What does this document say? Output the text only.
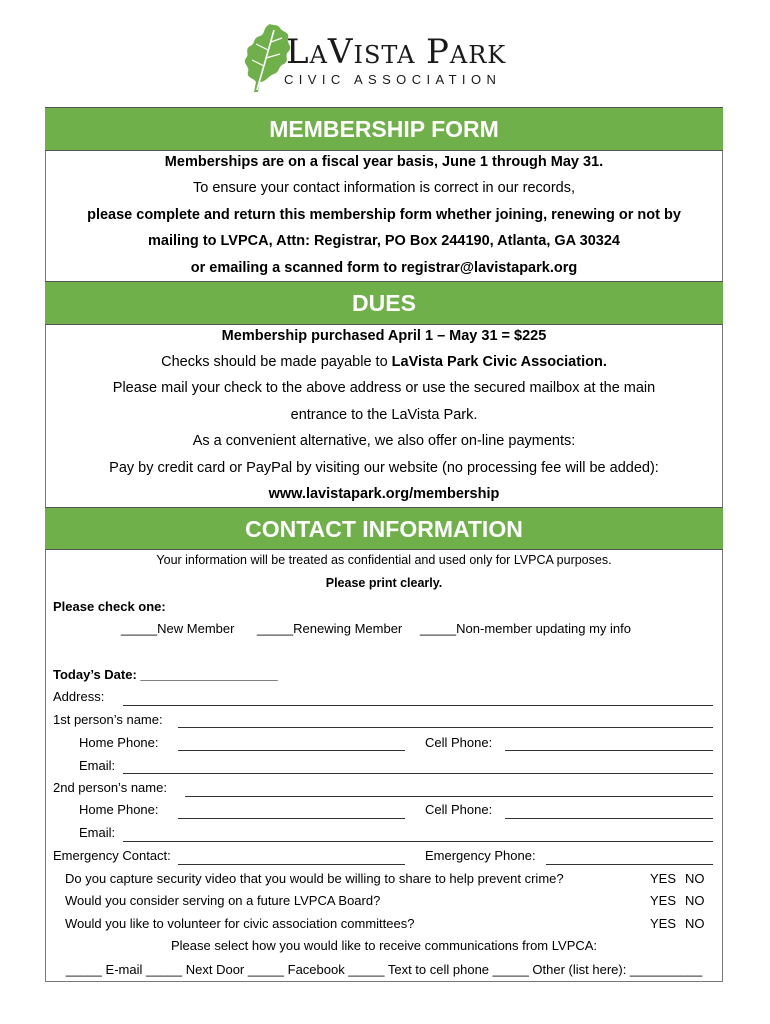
LAVISTA PARK
CIVIC ASSOCIATION
MEMBERSHIP FORM
Memberships are on a fiscal year basis, June 1 through May 31.
To ensure your contact information is correct in our records,
please complete and return this membership form whether joining, renewing or not by
mailing to LVPCA, Attn: Registrar, PO Box 244190, Atlanta, GA 30324
or emailing a scanned form to registrar@lavistapark.org
DUES
Membership purchased April 1 – May 31 = $225
Checks should be made payable to LaVista Park Civic Association.
Please mail your check to the above address or use the secured mailbox at the main
entrance to the LaVista Park.
As a convenient alternative, we also offer on-line payments:
Pay by credit card or PayPal by visiting our website (no processing fee will be added):
www.lavistapark.org/membership
CONTACT INFORMATION
Your information will be treated as confidential and used only for LVPCA purposes.
Please print clearly.
Please check one:
_____New Member _____Renewing Member _____Non-member updating my info
Today’s Date: ___________________
Address:
1st person’s name:
Home Phone:	Cell Phone:
Email:
2nd person’s name:
Home Phone:	Cell Phone:
Email:
Emergency Contact:	Emergency Phone:
Do you capture security video that you would be willing to share to help prevent crime?	YES NO
Would you consider serving on a future LVPCA Board?	YES NO
Would you like to volunteer for civic association committees?	YES NO
Please select how you would like to receive communications from LVPCA:
_____ E-mail _____ Next Door _____ Facebook _____ Text to cell phone _____ Other (list here): __________
